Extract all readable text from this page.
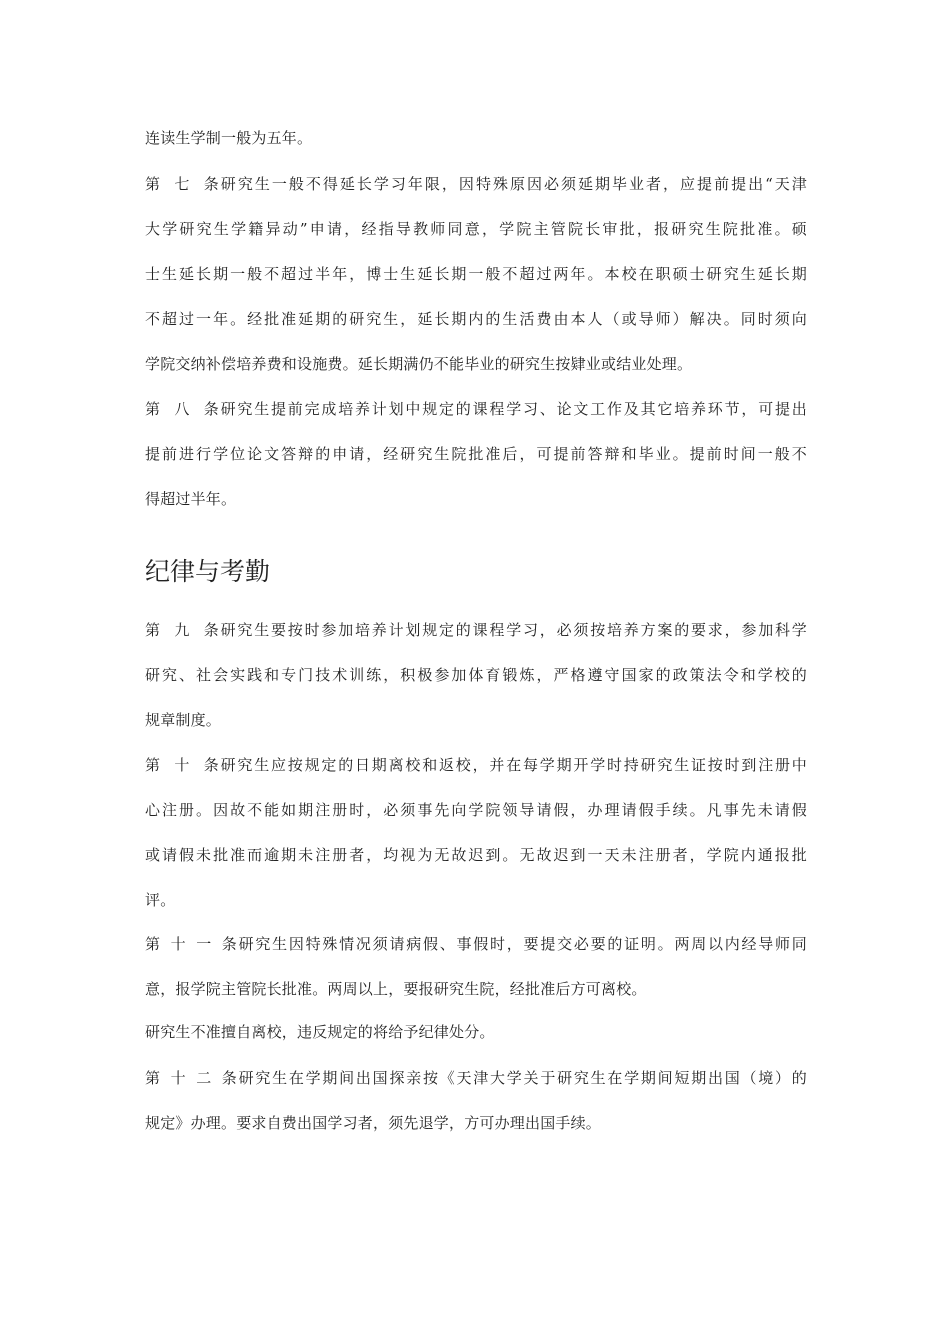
连读生学制一般为五年。
第七条研究生一般不得延长学习年限，因特殊原因必须延期毕业者，应提前提出“天津
大学研究生学籍异动”申请，经指导教师同意，学院主管院长审批，报研究生院批准。硕
士生延长期一般不超过半年，博士生延长期一般不超过两年。本校在职硕士研究生延长期
不超过一年。经批准延期的研究生，延长期内的生活费由本人（或导师）解决。同时须向
学院交纳补偿培养费和设施费。延长期满仍不能毕业的研究生按肄业或结业处理。
第八条研究生提前完成培养计划中规定的课程学习、论文工作及其它培养环节，可提出
提前进行学位论文答辩的申请，经研究生院批准后，可提前答辩和毕业。提前时间一般不
得超过半年。
纪律与考勤
第九条研究生要按时参加培养计划规定的课程学习，必须按培养方案的要求，参加科学
研究、社会实践和专门技术训练，积极参加体育锻炼，严格遵守国家的政策法令和学校的
规章制度。
第十条研究生应按规定的日期离校和返校，并在每学期开学时持研究生证按时到注册中
心注册。因故不能如期注册时，必须事先向学院领导请假，办理请假手续。凡事先未请假
或请假未批准而逾期未注册者，均视为无故迟到。无故迟到一天未注册者，学院内通报批
评。
第十一条研究生因特殊情况须请病假、事假时，要提交必要的证明。两周以内经导师同
意，报学院主管院长批准。两周以上，要报研究生院，经批准后方可离校。
研究生不准擅自离校，违反规定的将给予纪律处分。
第十二条研究生在学期间出国探亲按《天津大学关于研究生在学期间短期出国（境）的
规定》办理。要求自费出国学习者，须先退学，方可办理出国手续。
